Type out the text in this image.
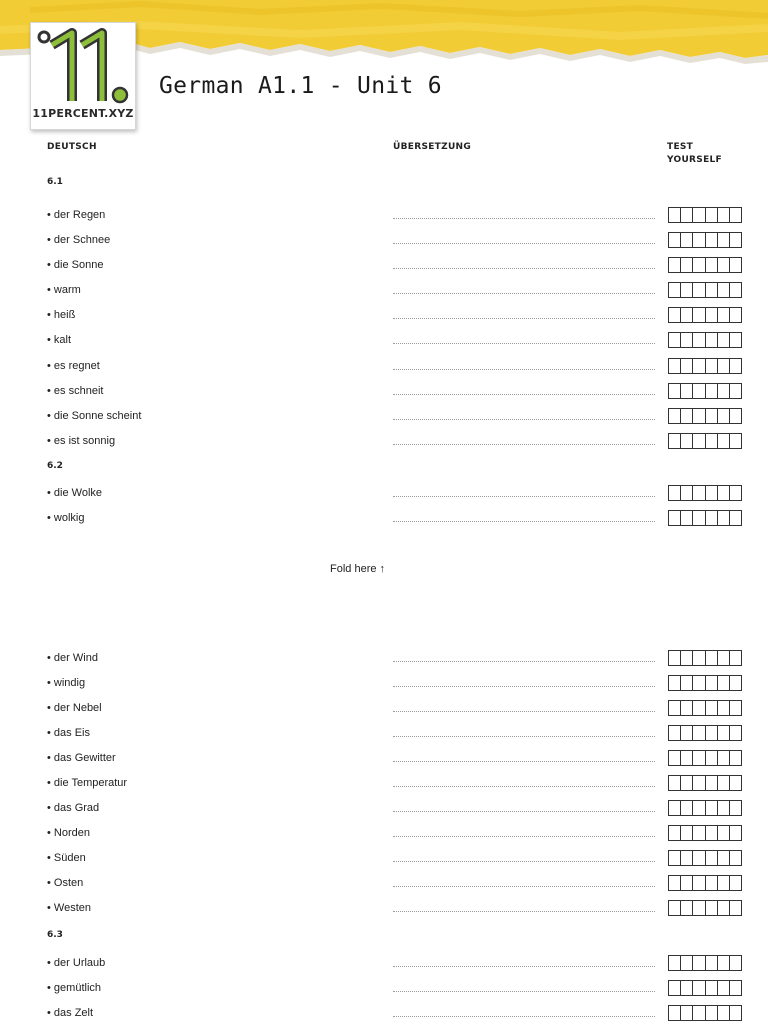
11PERCENT.XYZ
German A1.1 - Unit 6
DEUTSCH	ÜBERSETZUNG	TEST
YOURSELF
6.1
• der Regen
• der Schnee
• die Sonne
• warm
• heiß
• kalt
• es regnet
• es schneit
• die Sonne scheint
• es ist sonnig
6.2
• die Wolke
• wolkig
• der Wind
• windig
• der Nebel
• das Eis
• das Gewitter
• die Temperatur
• das Grad
• Norden
• Süden
• Osten
• Westen
6.3
• der Urlaub
• gemütlich
• das Zelt
Fold here ↑
